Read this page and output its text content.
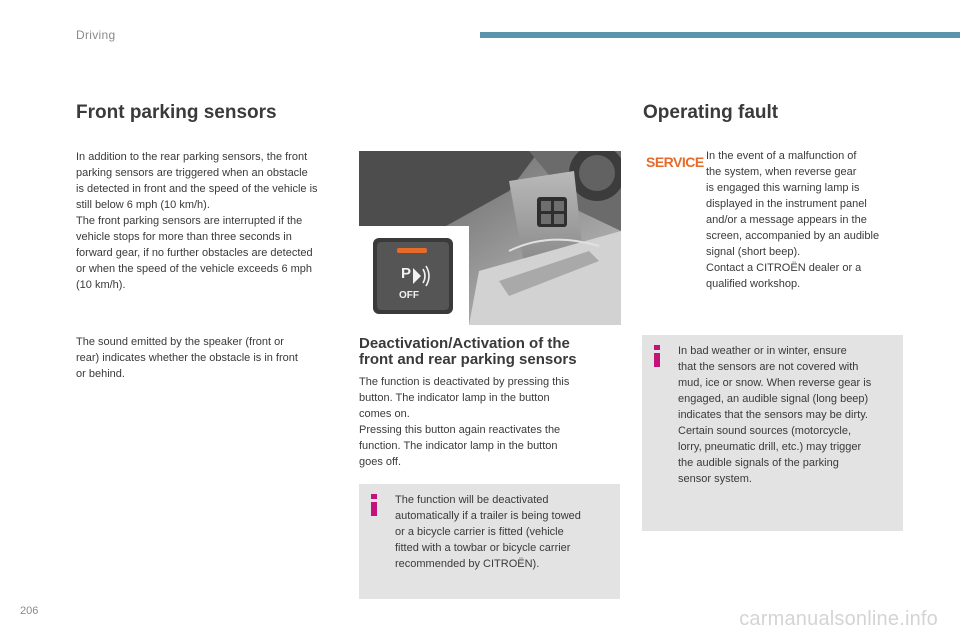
Driving
Front parking sensors
In addition to the rear parking sensors, the front
parking sensors are triggered when an obstacle
is detected in front and the speed of the vehicle is
still below 6 mph (10 km/h).
The front parking sensors are interrupted if the
vehicle stops for more than three seconds in
forward gear, if no further obstacles are detected
or when the speed of the vehicle exceeds 6 mph
(10 km/h).
The sound emitted by the speaker (front or
rear) indicates whether the obstacle is in front
or behind.
P
OFF
Deactivation/Activation of the
front and rear parking sensors
The function is deactivated by pressing this
button. The indicator lamp in the button
comes on.
Pressing this button again reactivates the
function. The indicator lamp in the button
goes off.
The function will be deactivated
automatically if a trailer is being towed
or a bicycle carrier is fitted (vehicle
fitted with a towbar or bicycle carrier
recommended by CITROËN).
Operating fault
SERVICE In the event of a malfunction of
the system, when reverse gear
is engaged this warning lamp is
displayed in the instrument panel
and/or a message appears in the
screen, accompanied by an audible
signal (short beep).
Contact a CITROËN dealer or a
qualified workshop.
In bad weather or in winter, ensure
that the sensors are not covered with
mud, ice or snow. When reverse gear is
engaged, an audible signal (long beep)
indicates that the sensors may be dirty.
Certain sound sources (motorcycle,
lorry, pneumatic drill, etc.) may trigger
the audible signals of the parking
sensor system.
206	carmanualsonline.info
